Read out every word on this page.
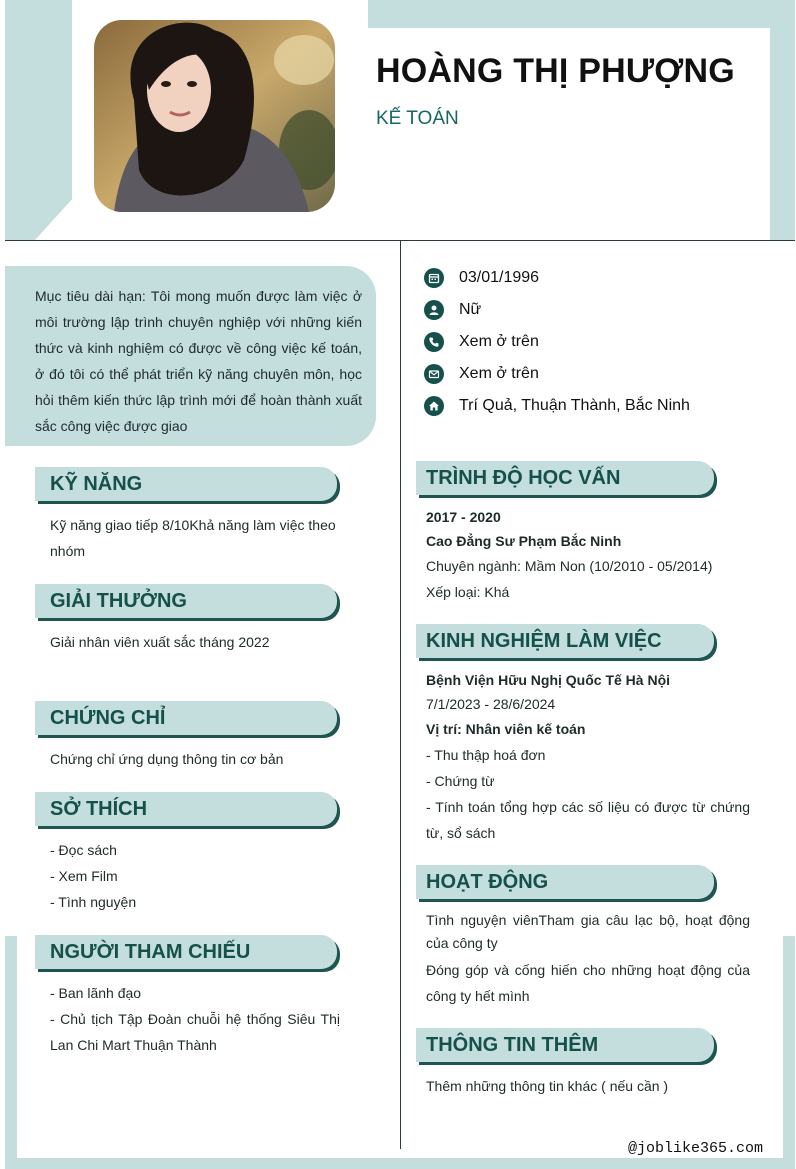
HOÀNG THỊ PHƯỢNG
KẾ TOÁN

Mục tiêu dài hạn: Tôi mong muốn được làm việc ở môi trường lập trình chuyên nghiệp với những kiến thức và kinh nghiệm có được về công việc kế toán, ở đó tôi có thể phát triển kỹ năng chuyên môn, học hỏi thêm kiến thức lập trình mới để hoàn thành xuất sắc công việc được giao

03/01/1996
Nữ
Xem ở trên
Xem ở trên
Trí Quả, Thuận Thành, Bắc Ninh
KỸ NĂNG
Kỹ năng giao tiếp 8/10Khả năng làm việc theo nhóm
GIẢI THƯỞNG
Giải nhân viên xuất sắc tháng 2022
CHỨNG CHỈ
Chứng chỉ ứng dụng thông tin cơ bản
SỞ THÍCH
- Đọc sách
- Xem Film
- Tình nguyện
NGƯỜI THAM CHIẾU
- Ban lãnh đạo
- Chủ tịch Tập Đoàn chuỗi hệ thống Siêu Thị Lan Chi Mart Thuận Thành
TRÌNH ĐỘ HỌC VẤN
2017 - 2020
Cao Đẳng Sư Phạm Bắc Ninh
Chuyên ngành: Mầm Non (10/2010 - 05/2014)
Xếp loại: Khá
KINH NGHIỆM LÀM VIỆC
Bệnh Viện Hữu Nghị Quốc Tế Hà Nội
7/1/2023 - 28/6/2024
Vị trí: Nhân viên kế toán
- Thu thập hoá đơn
- Chứng từ
- Tính toán tổng hợp các số liệu có được từ chứng từ, sổ sách
HOẠT ĐỘNG
Tình nguyện viênTham gia câu lạc bộ, hoạt động của công ty
Đóng góp và cống hiến cho những hoạt động của công ty hết mình
THÔNG TIN THÊM
Thêm những thông tin khác ( nếu cần )
@joblike365.com
